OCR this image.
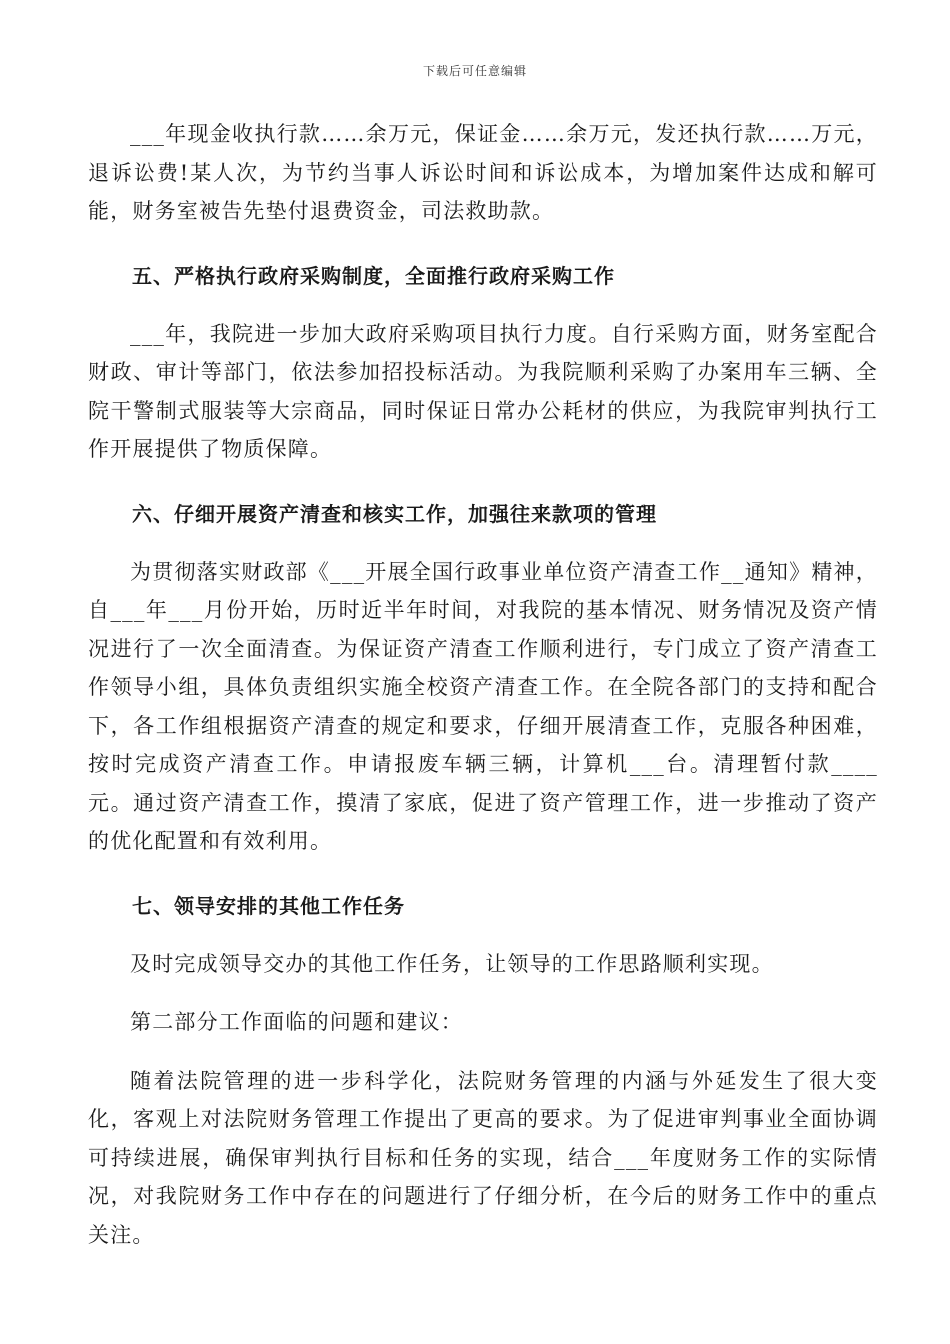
下载后可任意编辑

___年现金收执行款……余万元，保证金……余万元，发还执行款……万元，退诉讼费!某人次，为节约当事人诉讼时间和诉讼成本，为增加案件达成和解可能，财务室被告先垫付退费资金，司法救助款。

五、严格执行政府采购制度，全面推行政府采购工作

___年，我院进一步加大政府采购项目执行力度。自行采购方面，财务室配合财政、审计等部门，依法参加招投标活动。为我院顺利采购了办案用车三辆、全院干警制式服装等大宗商品，同时保证日常办公耗材的供应，为我院审判执行工作开展提供了物质保障。

六、仔细开展资产清查和核实工作，加强往来款项的管理

为贯彻落实财政部《___开展全国行政事业单位资产清查工作__通知》精神，自___年___月份开始，历时近半年时间，对我院的基本情况、财务情况及资产情况进行了一次全面清查。为保证资产清查工作顺利进行，专门成立了资产清查工作领导小组，具体负责组织实施全校资产清查工作。在全院各部门的支持和配合下，各工作组根据资产清查的规定和要求，仔细开展清查工作，克服各种困难，按时完成资产清查工作。申请报废车辆三辆，计算机___台。清理暂付款____元。通过资产清查工作，摸清了家底，促进了资产管理工作，进一步推动了资产的优化配置和有效利用。

七、领导安排的其他工作任务

及时完成领导交办的其他工作任务，让领导的工作思路顺利实现。

第二部分工作面临的问题和建议：

随着法院管理的进一步科学化，法院财务管理的内涵与外延发生了很大变化，客观上对法院财务管理工作提出了更高的要求。为了促进审判事业全面协调可持续进展，确保审判执行目标和任务的实现，结合___年度财务工作的实际情况，对我院财务工作中存在的问题进行了仔细分析，在今后的财务工作中的重点关注。
